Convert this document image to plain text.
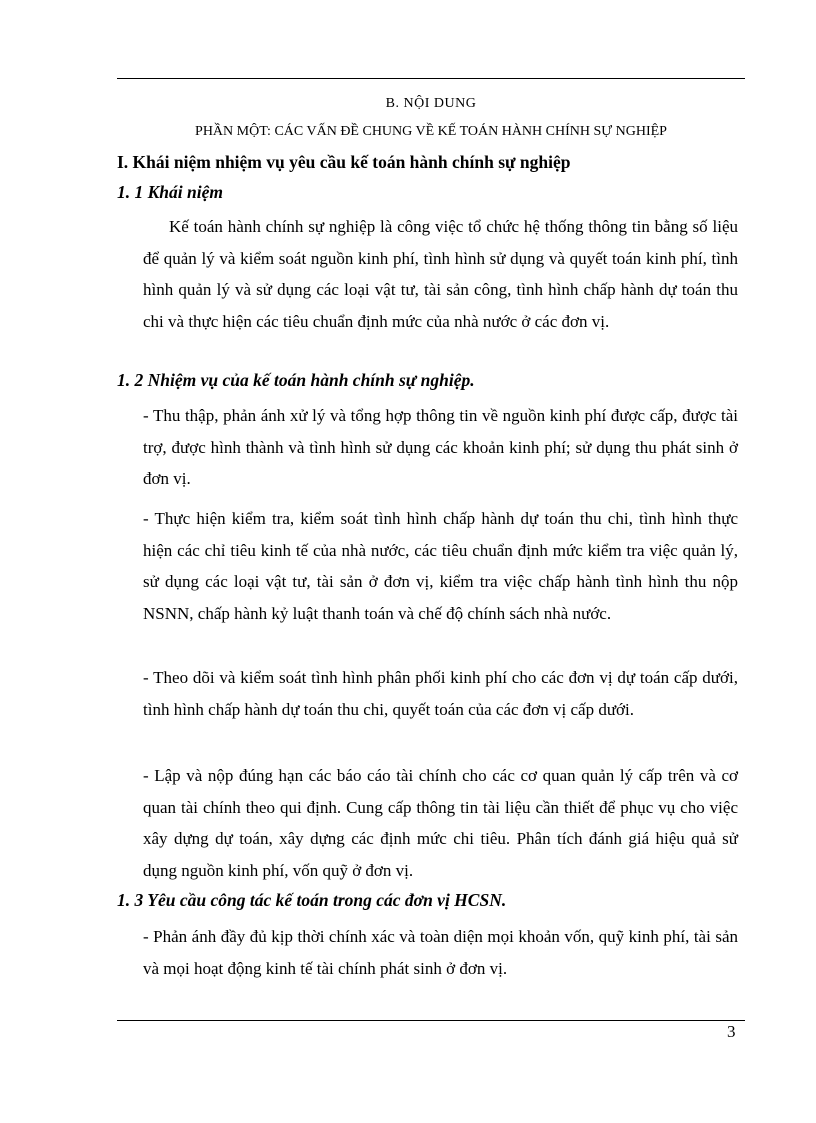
B. NỘI DUNG
PHẦN MỘT: CÁC VẤN ĐỀ CHUNG VỀ KẾ TOÁN HÀNH CHÍNH SỰ NGHIỆP
I. Khái niệm nhiệm vụ yêu cầu kế toán hành chính sự nghiệp
1. 1 Khái niệm

Kế toán hành chính sự nghiệp là công việc tổ chức hệ thống thông tin bằng số liệu để quản lý và kiểm soát nguồn kinh phí, tình hình sử dụng và quyết toán kinh phí, tình hình quản lý và sử dụng các loại vật tư, tài sản công, tình hình chấp hành dự toán thu chi và thực hiện các tiêu chuẩn định mức của nhà nước ở các đơn vị.

1. 2 Nhiệm vụ của kế toán hành chính sự nghiệp.

- Thu thập, phản ánh xử lý và tổng hợp thông tin về nguồn kinh phí được cấp, được tài trợ, được hình thành và tình hình sử dụng các khoản kinh phí; sử dụng thu phát sinh ở đơn vị.

- Thực hiện kiểm tra, kiểm soát tình hình chấp hành dự toán thu chi, tình hình thực hiện các chỉ tiêu kinh tế của nhà nước, các tiêu chuẩn định mức kiểm tra việc quản lý, sử dụng các loại vật tư, tài sản ở đơn vị, kiểm tra việc chấp hành tình hình thu nộp NSNN, chấp hành kỷ luật thanh toán và chế độ chính sách nhà nước.

- Theo dõi và kiểm soát tình hình phân phối kinh phí cho các đơn vị dự toán cấp dưới, tình hình chấp hành dự toán thu chi, quyết toán của các đơn vị cấp dưới.

- Lập và nộp đúng hạn các báo cáo tài chính cho các cơ quan quản lý cấp trên và cơ quan tài chính theo qui định. Cung cấp thông tin tài liệu cần thiết để phục vụ cho việc xây dựng dự toán, xây dựng các định mức chi tiêu. Phân tích đánh giá hiệu quả sử dụng nguồn kinh phí, vốn quỹ ở đơn vị.

1. 3 Yêu cầu công tác kế toán trong các đơn vị HCSN.

- Phản ánh đầy đủ kịp thời chính xác và toàn diện mọi khoản vốn, quỹ kinh phí, tài sản và mọi hoạt động kinh tế tài chính phát sinh ở đơn vị.

3
